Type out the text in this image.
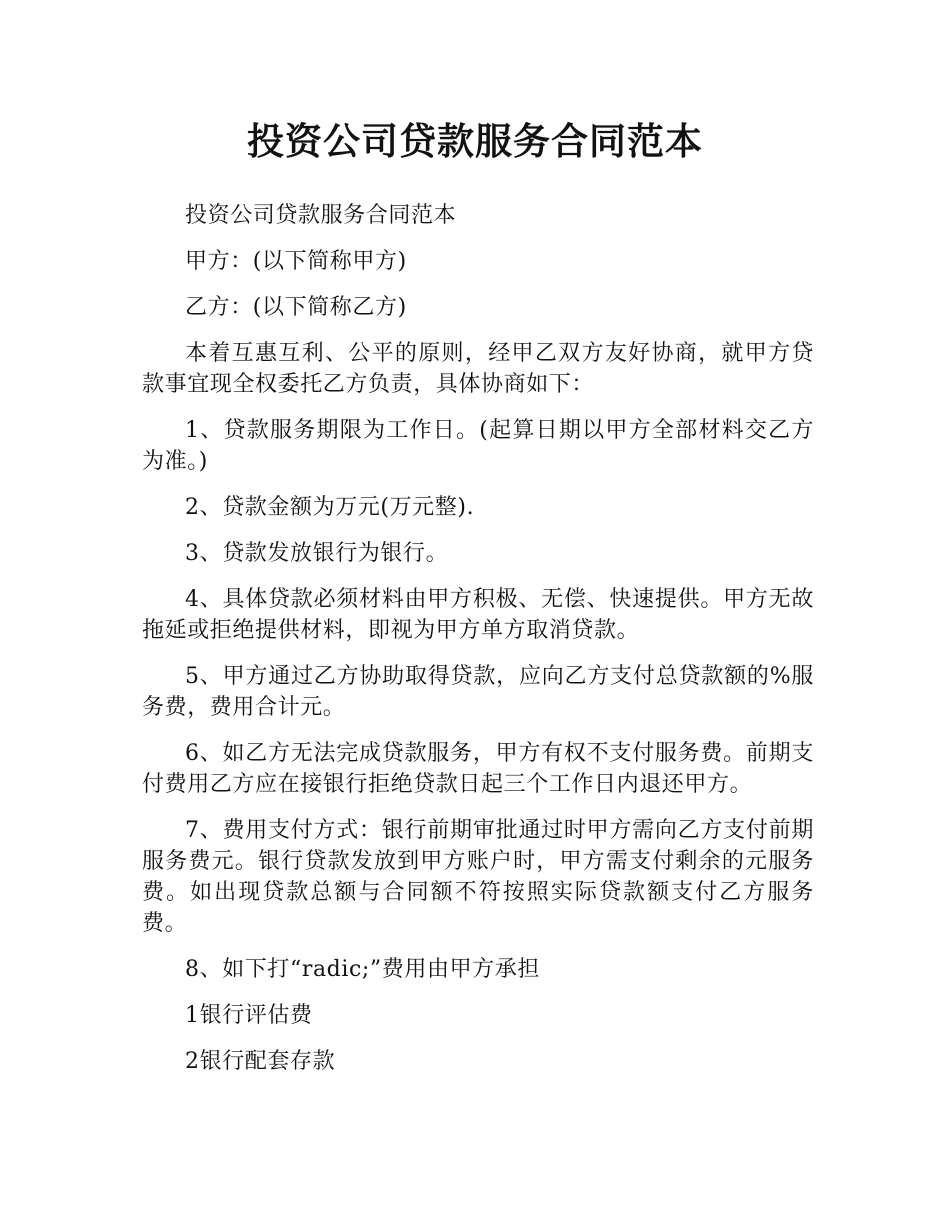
投资公司贷款服务合同范本

投资公司贷款服务合同范本

甲方：(以下简称甲方)

乙方：(以下简称乙方)

本着互惠互利、公平的原则，经甲乙双方友好协商，就甲方贷款事宜现全权委托乙方负责，具体协商如下：

1、贷款服务期限为工作日。(起算日期以甲方全部材料交乙方为准。)

2、贷款金额为万元(万元整).

3、贷款发放银行为银行。

4、具体贷款必须材料由甲方积极、无偿、快速提供。甲方无故拖延或拒绝提供材料，即视为甲方单方取消贷款。

5、甲方通过乙方协助取得贷款，应向乙方支付总贷款额的%服务费，费用合计元。

6、如乙方无法完成贷款服务，甲方有权不支付服务费。前期支付费用乙方应在接银行拒绝贷款日起三个工作日内退还甲方。

7、费用支付方式：银行前期审批通过时甲方需向乙方支付前期服务费元。银行贷款发放到甲方账户时，甲方需支付剩余的元服务费。如出现贷款总额与合同额不符按照实际贷款额支付乙方服务费。

8、如下打“radic;”费用由甲方承担

1银行评估费

2银行配套存款
